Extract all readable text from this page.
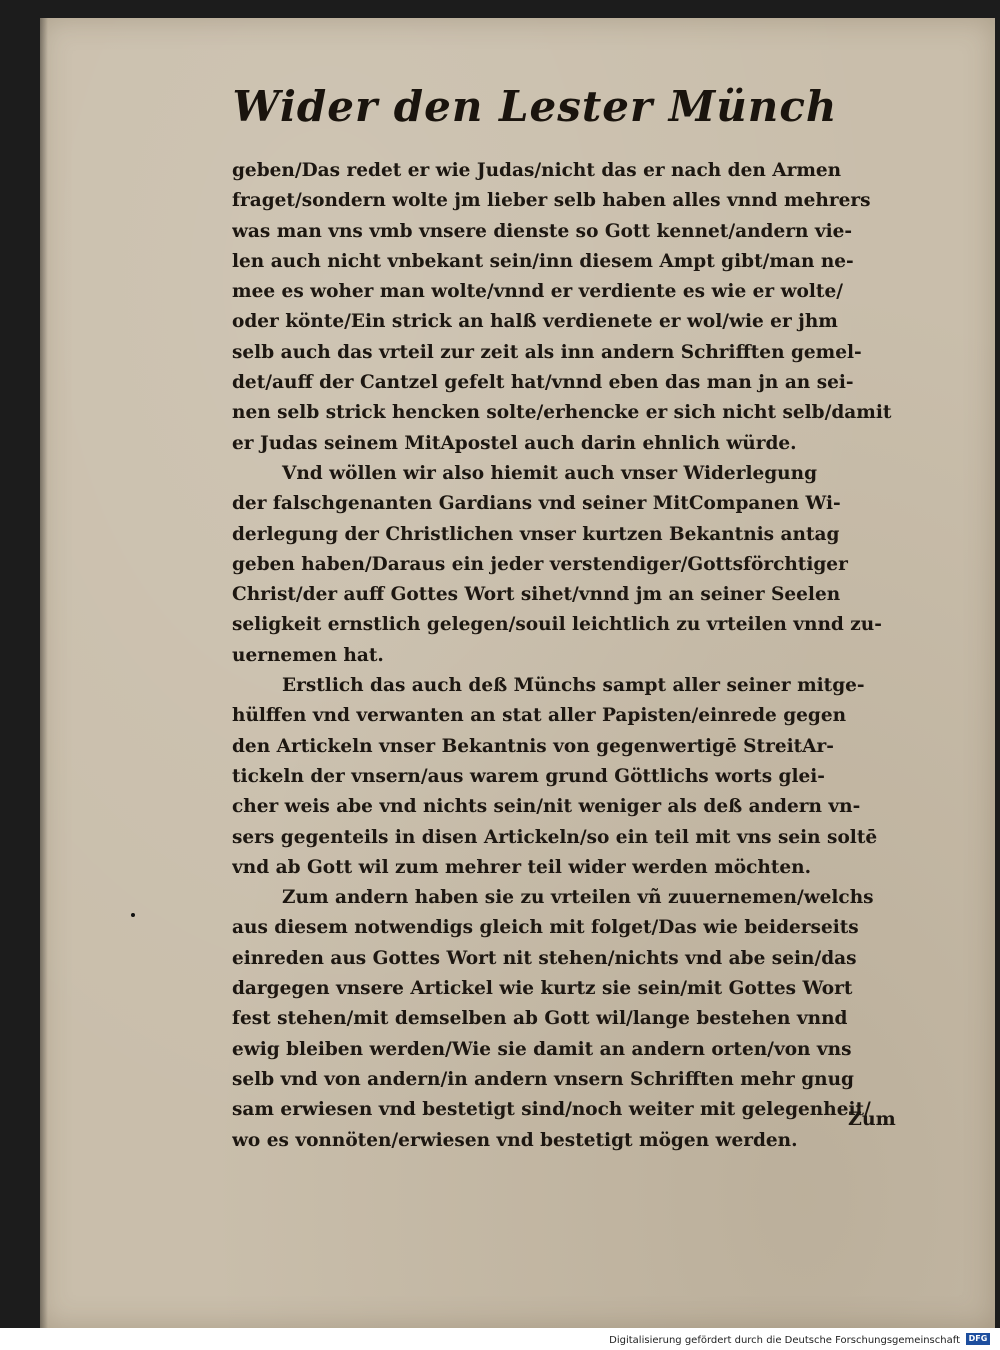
Wider den Lester Münch
geben/Das redet er wie Judas/nicht das er nach den Armen
fraget/sondern wolte jm lieber selb haben alles vnnd mehrers
was man vns vmb vnsere dienste so Gott kennet/andern vie-
len auch nicht vnbekant sein/inn diesem Ampt gibt/man ne-
mee es woher man wolte/vnnd er verdiente es wie er wolte/
oder könte/Ein strick an halß verdienete er wol/wie er jhm
selb auch das vrteil zur zeit als inn andern Schrifften gemel-
det/auff der Cantzel gefelt hat/vnnd eben das man jn an sei-
nen selb strick hencken solte/erhencke er sich nicht selb/damit
er Judas seinem MitApostel auch darin ehnlich würde.
Vnd wöllen wir also hiemit auch vnser Widerlegung
der falschgenanten Gardians vnd seiner MitCompanen Wi-
derlegung der Christlichen vnser kurtzen Bekantnis antag
geben haben/Daraus ein jeder verstendiger/Gottsförchtiger
Christ/der auff Gottes Wort sihet/vnnd jm an seiner Seelen
seligkeit ernstlich gelegen/souil leichtlich zu vrteilen vnnd zu-
uernemen hat.
Erstlich das auch deß Münchs sampt aller seiner mitge-
hülffen vnd verwanten an stat aller Papisten/einrede gegen
den Artickeln vnser Bekantnis von gegenwertigē StreitAr-
tickeln der vnsern/aus warem grund Göttlichs worts glei-
cher weis abe vnd nichts sein/nit weniger als deß andern vn-
sers gegenteils in disen Artickeln/so ein teil mit vns sein soltē
vnd ab Gott wil zum mehrer teil wider werden möchten.
Zum andern haben sie zu vrteilen vñ zuuernemen/welchs
aus diesem notwendigs gleich mit folget/Das wie beiderseits
einreden aus Gottes Wort nit stehen/nichts vnd abe sein/das
dargegen vnsere Artickel wie kurtz sie sein/mit Gottes Wort
fest stehen/mit demselben ab Gott wil/lange bestehen vnnd
ewig bleiben werden/Wie sie damit an andern orten/von vns
selb vnd von andern/in andern vnsern Schrifften mehr gnug
sam erwiesen vnd bestetigt sind/noch weiter mit gelegenheit/
wo es vonnöten/erwiesen vnd bestetigt mögen werden.
Zum
Digitalisierung gefördert durch die Deutsche Forschungsgemeinschaft	DFG
